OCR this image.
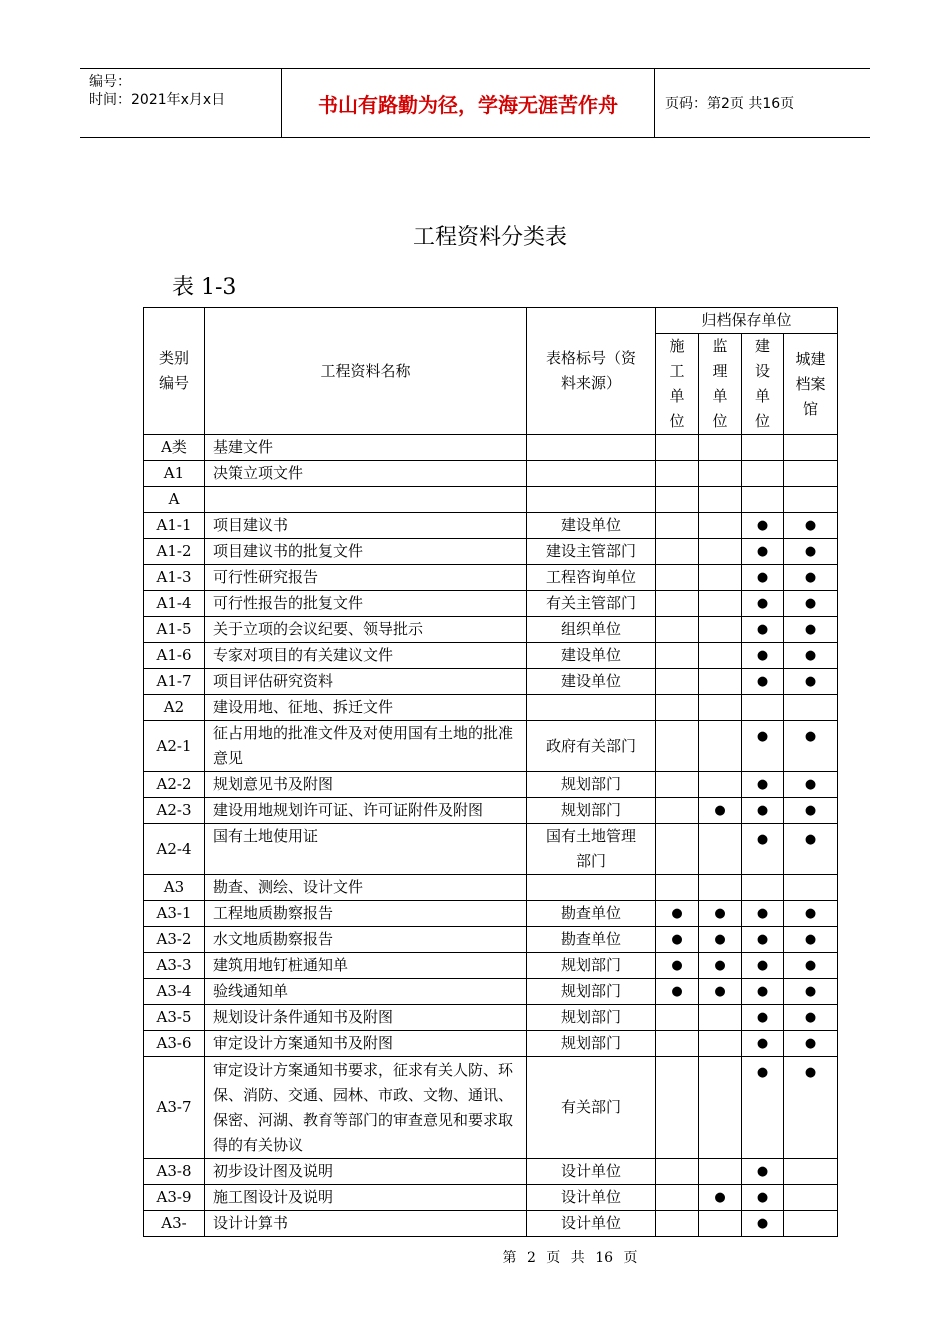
编号：
时间：2021年x月x日	书山有路勤为径，学海无涯苦作舟	页码：第2页 共16页
工程资料分类表
表 1-3
类别编号	工程资料名称	表格标号（资料来源）	归档保存单位			

			施工单位	监理单位	建设单位	城建档案馆

A类	基建文件					
A1	决策立项文件					
A						
A1-1	项目建议书	建设单位			●	●
A1-2	项目建议书的批复文件	建设主管部门			●	●
A1-3	可行性研究报告	工程咨询单位			●	●
A1-4	可行性报告的批复文件	有关主管部门			●	●
A1-5	关于立项的会议纪要、领导批示	组织单位			●	●
A1-6	专家对项目的有关建议文件	建设单位			●	●
A1-7	项目评估研究资料	建设单位			●	●
A2	建设用地、征地、拆迁文件					
A2-1	征占用地的批准文件及对使用国有土地的批准意见	政府有关部门			●	●
A2-2	规划意见书及附图	规划部门			●	●
A2-3	建设用地规划许可证、许可证附件及附图	规划部门		●	●	●
A2-4	国有土地使用证	国有土地管理部门			●	●
A3	勘查、测绘、设计文件					
A3-1	工程地质勘察报告	勘查单位	●	●	●	●
A3-2	水文地质勘察报告	勘查单位	●	●	●	●
A3-3	建筑用地钉桩通知单	规划部门	●	●	●	●
A3-4	验线通知单	规划部门	●	●	●	●
A3-5	规划设计条件通知书及附图	规划部门			●	●
A3-6	审定设计方案通知书及附图	规划部门			●	●
A3-7	审定设计方案通知书要求，征求有关人防、环保、消防、交通、园林、市政、文物、通讯、保密、河湖、教育等部门的审查意见和要求取得的有关协议	有关部门			●	●
A3-8	初步设计图及说明	设计单位			●	
A3-9	施工图设计及说明	设计单位		●	●	
A3-	设计计算书	设计单位			●	
第 2 页 共 16 页
